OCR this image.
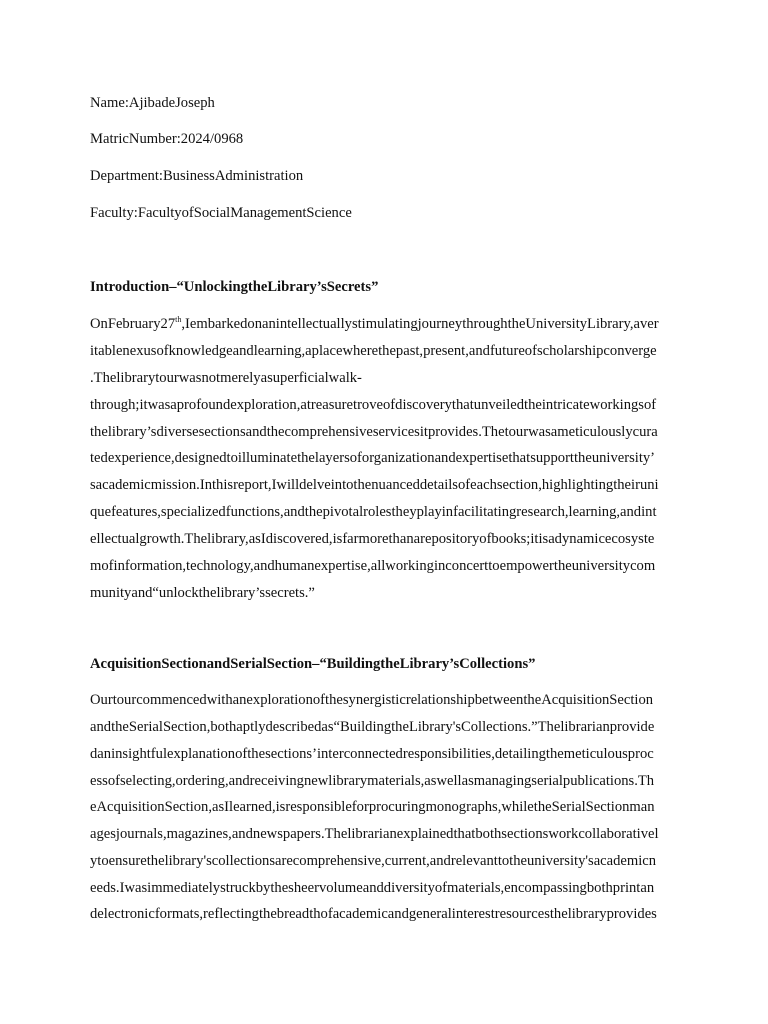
Name:AjibadeJoseph
MatricNumber:2024/0968
Department:BusinessAdministration
Faculty:FacultyofSocialManagementScience
Introduction–“UnlockingtheLibrary’sSecrets”
OnFebruary27th,Iembarkedonanintellectuallystimulatingjourneythroughthe​UniversityLibrary,aver
itablenexusofknowledgeandlearning,aplacewherethepast,present,andfutureofscholarshipconverge
.Thelibrarytourwasnotmerelyasuperficialwalk-
through;itwasaprofoundexploration,atreasuretroveofdiscoverythatunveiledtheintricateworkingsof
thelibrary’sdiversesectionsandthecomprehensiveservicesitprovides.Thetourwasameticulouslycura
tedexperience,designedtoilluminatethelayersoforganizationandexpertisethatsupporttheuniversity’
sacademicmission.Inthisreport,Iwilldelveintothenuanceddetailsofeachsection,highlightingtheiruni
quefeatures,specializedfunctions,andthepivotalrolestheyplayinfacilitatingresearch,learning,andint
ellectualgrowth.Thelibrary,asIdiscovered,isfarmorethanarepositoryofbooks;itisadynamicecosyste
mofinformation,technology,andhumanexpertise,allworkinginconcerttoempowertheuniversitycom
munityand“unlockthelibrary’ssecrets.”
AcquisitionSectionandSerialSection–“BuildingtheLibrary’sCollections”
OurtourcommencedwithanexplorationofthesynergisticrelationshipbetweentheAcquisitionSection
andtheSerialSection,bothaptlydescribedas“BuildingtheLibrary'sCollections.”Thelibrarianprovide
daninsightfulexplanationofthesections’interconnectedresponsibilities,detailingthemeticulousproc
essofselecting,ordering,andreceivingnewlibrarymaterials,aswellasmanagingserialpublications.Th
eAcquisitionSection,asIlearned,isresponsibleforprocuringmonographs,whiletheSerialSectionman
agesjournals,magazines,andnewspapers.Thelibrarianexplainedthatbothsectionsworkcollaborativel
ytoensurethelibrary'scollectionsarecomprehensive,current,andrelevanttotheuniversity'sacademicn
eeds.Iwasimmediatelystruckbythesheervolumeanddiversityofmaterials,encompassingbothprintan
delectronicformats,reflectingthebreadthofacademicandgeneralinterestresourcesthelibraryprovides
